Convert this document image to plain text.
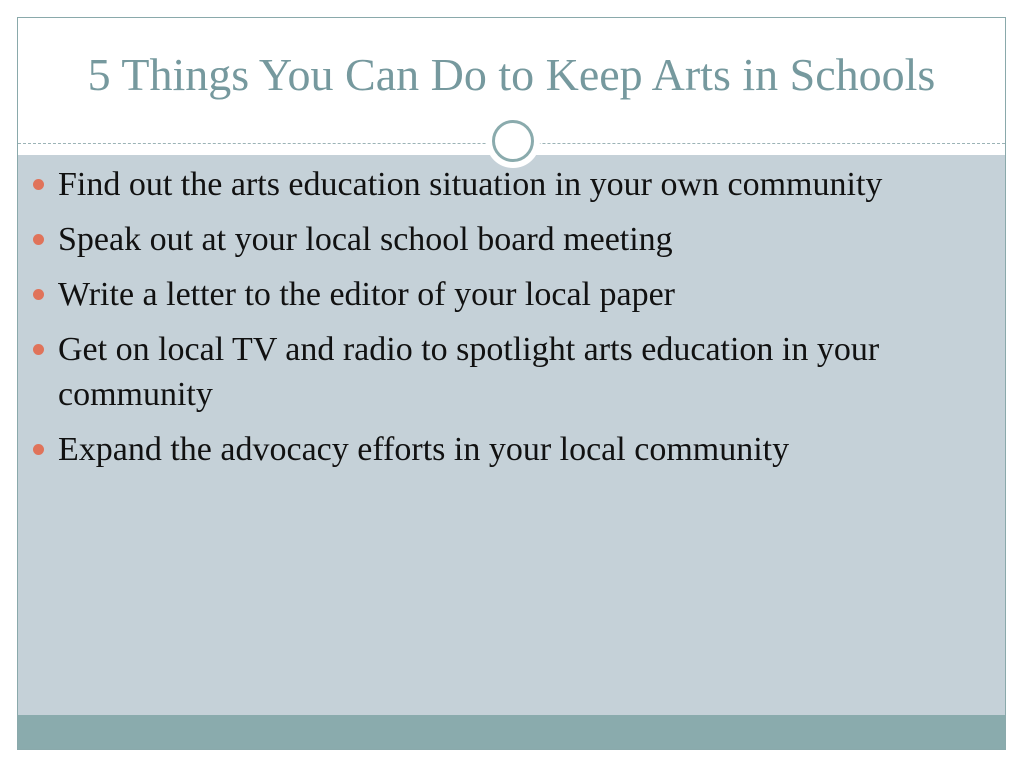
5 Things You Can Do to Keep Arts in Schools
Find out the arts education situation in your own community
Speak out at your local school board meeting
Write a letter to the editor of your local paper
Get on local TV and radio to spotlight arts education in your community
Expand the advocacy efforts in your local community
